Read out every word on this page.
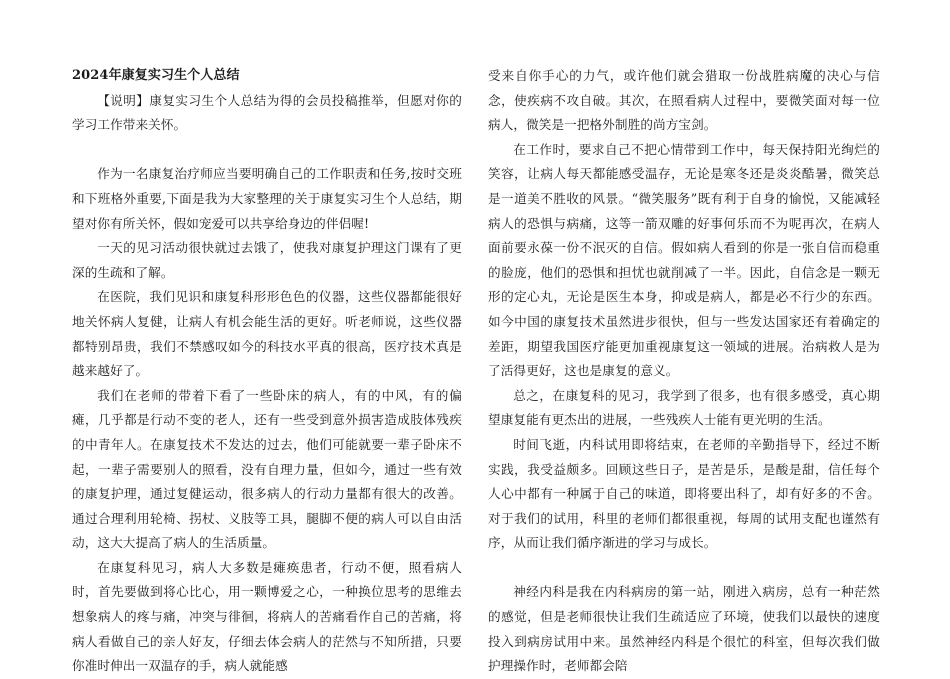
2024年康复实习生个人总结

【说明】康复实习生个人总结为得的会员投稿推举，但愿对你的学习工作带来关怀。

作为一名康复治疗师应当要明确自己的工作职责和任务,按时交班和下班格外重要,下面是我为大家整理的关于康复实习生个人总结，期望对你有所关怀，假如宠爱可以共享给身边的伴侣喔!

一天的见习活动很快就过去饿了，使我对康复护理这门课有了更深的生疏和了解。

在医院，我们见识和康复科形形色色的仪器，这些仪器都能很好地关怀病人复健，让病人有机会能生活的更好。听老师说，这些仪器都特别昂贵，我们不禁感叹如今的科技水平真的很高，医疗技术真是越来越好了。

我们在老师的带着下看了一些卧床的病人，有的中风，有的偏瘫，几乎都是行动不变的老人，还有一些受到意外损害造成肢体残疾的中青年人。在康复技术不发达的过去，他们可能就要一辈子卧床不起，一辈子需要别人的照看，没有自理力量，但如今，通过一些有效的康复护理，通过复健运动，很多病人的行动力量都有很大的改善。通过合理利用轮椅、拐杖、义肢等工具，腿脚不便的病人可以自由活动，这大大提高了病人的生活质量。

在康复科见习，病人大多数是瘫痪患者，行动不便，照看病人时，首先要做到将心比心，用一颗博爱之心，一种换位思考的思维去想象病人的疼与痛，冲突与徘徊，将病人的苦痛看作自己的苦痛，将病人看做自己的亲人好友，仔细去体会病人的茫然与不知所措，只要你准时伸出一双温存的手，病人就能感

受来自你手心的力气，或许他们就会猎取一份战胜病魔的决心与信念，使疾病不攻自破。其次，在照看病人过程中，要微笑面对每一位病人，微笑是一把格外制胜的尚方宝剑。

在工作时，要求自己不把心情带到工作中，每天保持阳光绚烂的笑容，让病人每天都能感受温存，无论是寒冬还是炎炎酷暑，微笑总是一道美不胜收的风景。“微笑服务”既有利于自身的愉悦，又能减轻病人的恐惧与病痛，这等一箭双雕的好事何乐而不为呢再次，在病人面前要永葆一份不泯灭的自信。假如病人看到的你是一张自信而稳重的脸庞，他们的恐惧和担忧也就削减了一半。因此，自信念是一颗无形的定心丸，无论是医生本身，抑或是病人，都是必不行少的东西。如今中国的康复技术虽然进步很快，但与一些发达国家还有着确定的差距，期望我国医疗能更加重视康复这一领域的进展。治病救人是为了活得更好，这也是康复的意义。

总之，在康复科的见习，我学到了很多，也有很多感受，真心期望康复能有更杰出的进展，一些残疾人士能有更光明的生活。

时间飞逝，内科试用即将结束，在老师的辛勤指导下，经过不断实践，我受益颇多。回顾这些日子，是苦是乐，是酸是甜，信任每个人心中都有一种属于自己的味道，即将要出科了，却有好多的不舍。对于我们的试用，科里的老师们都很重视，每周的试用支配也谨然有序，从而让我们循序渐进的学习与成长。

神经内科是我在内科病房的第一站，刚进入病房，总有一种茫然的感觉，但是老师很快让我们生疏适应了环境，使我们以最快的速度投入到病房试用中来。虽然神经内科是个很忙的科室，但每次我们做护理操作时，老师都会陪
